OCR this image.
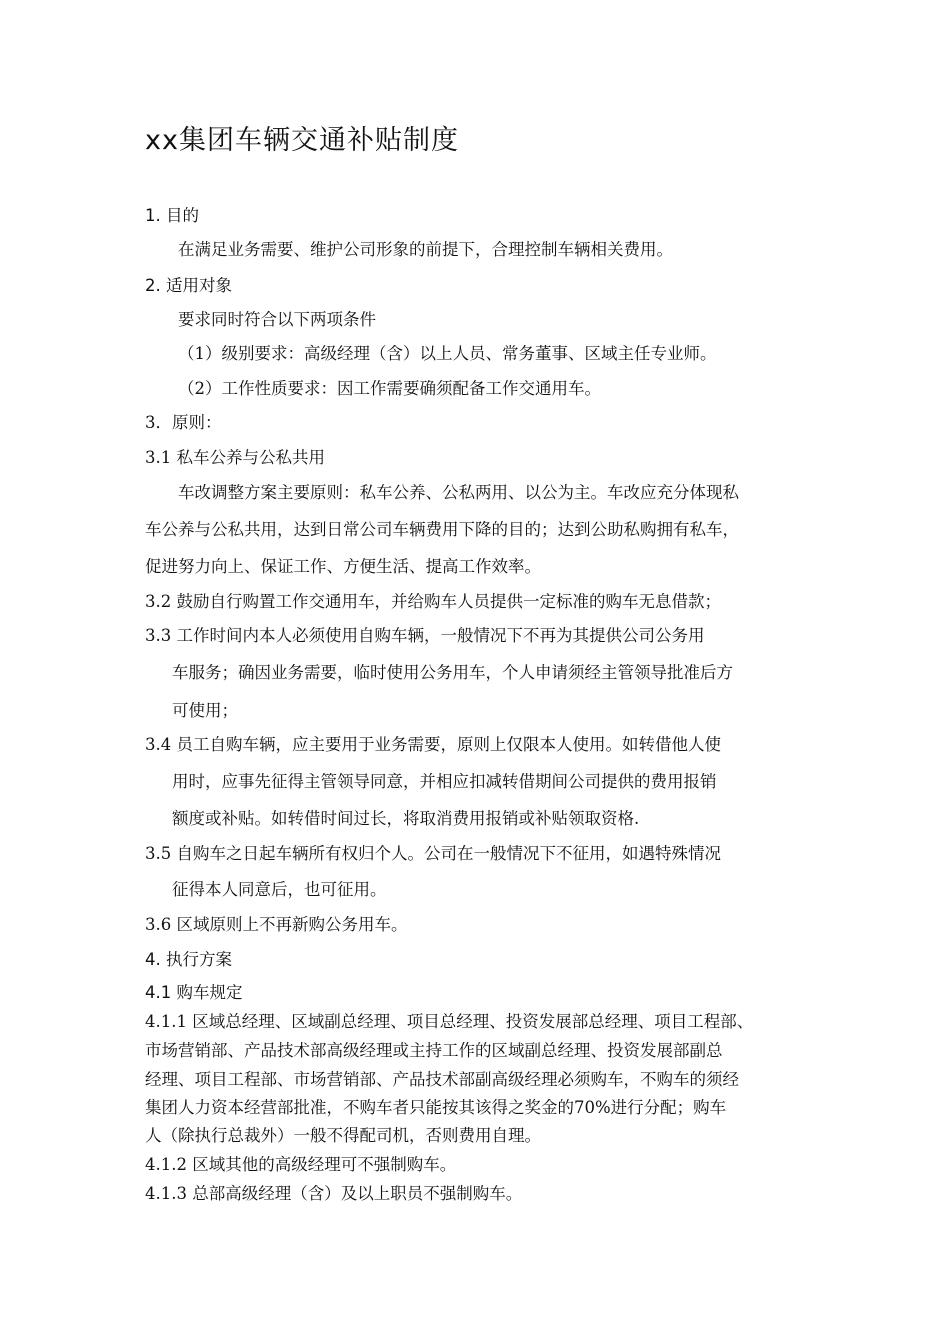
xx集团车辆交通补贴制度
1. 目的
在满足业务需要、维护公司形象的前提下，合理控制车辆相关费用。
2. 适用对象
要求同时符合以下两项条件
（1）级别要求：高级经理（含）以上人员、常务董事、区域主任专业师。
（2）工作性质要求：因工作需要确须配备工作交通用车。
3．原则：
3.1 私车公养与公私共用
车改调整方案主要原则：私车公养、公私两用、以公为主。车改应充分体现私
车公养与公私共用，达到日常公司车辆费用下降的目的；达到公助私购拥有私车，
促进努力向上、保证工作、方便生活、提高工作效率。
3.2 鼓励自行购置工作交通用车，并给购车人员提供一定标准的购车无息借款；
3.3 工作时间内本人必须使用自购车辆，一般情况下不再为其提供公司公务用
车服务；确因业务需要，临时使用公务用车，个人申请须经主管领导批准后方
可使用；
3.4 员工自购车辆，应主要用于业务需要，原则上仅限本人使用。如转借他人使
用时，应事先征得主管领导同意，并相应扣减转借期间公司提供的费用报销
额度或补贴。如转借时间过长，将取消费用报销或补贴领取资格.
3.5 自购车之日起车辆所有权归个人。公司在一般情况下不征用，如遇特殊情况
征得本人同意后，也可征用。
3.6 区域原则上不再新购公务用车。
4. 执行方案
4.1 购车规定
4.1.1 区域总经理、区域副总经理、项目总经理、投资发展部总经理、项目工程部、
市场营销部、产品技术部高级经理或主持工作的区域副总经理、投资发展部副总
经理、项目工程部、市场营销部、产品技术部副高级经理必须购车，不购车的须经
集团人力资本经营部批准，不购车者只能按其该得之奖金的70%进行分配；购车
人（除执行总裁外）一般不得配司机，否则费用自理。
4.1.2 区域其他的高级经理可不强制购车。
4.1.3 总部高级经理（含）及以上职员不强制购车。
